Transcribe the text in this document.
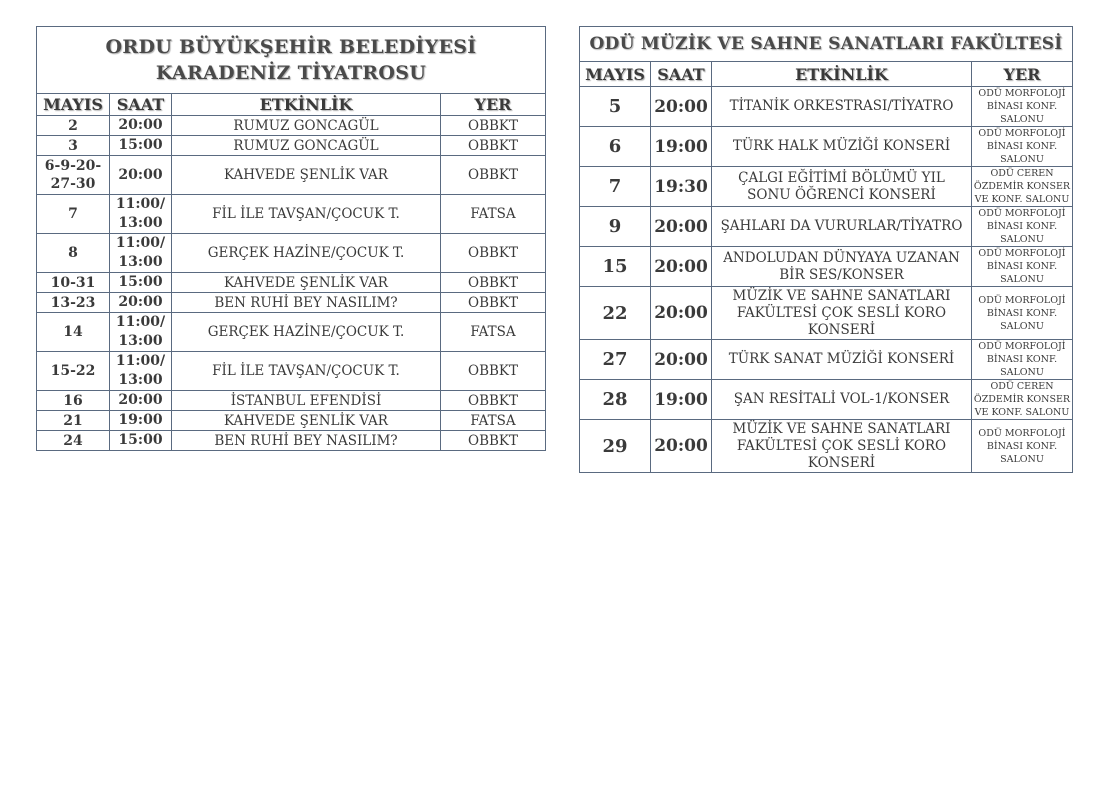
ORDU BÜYÜKŞEHİR BELEDİYESİ
KARADENİZ TİYATROSU			

MAYIS	SAAT	ETKİNLİK	YER
2	20:00	RUMUZ GONCAGÜL	OBBKT
3	15:00	RUMUZ GONCAGÜL	OBBKT
6-9-20-27-30	20:00	KAHVEDE ŞENLİK VAR	OBBKT
7	11:00/ 13:00	FİL İLE TAVŞAN/ÇOCUK T.	FATSA
8	11:00/ 13:00	GERÇEK HAZİNE/ÇOCUK T.	OBBKT
10-31	15:00	KAHVEDE ŞENLİK VAR	OBBKT
13-23	20:00	BEN RUHİ BEY NASILIM?	OBBKT
14	11:00/ 13:00	GERÇEK HAZİNE/ÇOCUK T.	FATSA
15-22	11:00/ 13:00	FİL İLE TAVŞAN/ÇOCUK T.	OBBKT
16	20:00	İSTANBUL EFENDİSİ	OBBKT
21	19:00	KAHVEDE ŞENLİK VAR	FATSA
24	15:00	BEN RUHİ BEY NASILIM?	OBBKT
ODÜ MÜZİK VE SAHNE SANATLARI FAKÜLTESİ			
MAYIS	SAAT	ETKİNLİK	YER
5	20:00	TİTANİK ORKESTRASI/TİYATRO	ODÜ MORFOLOJİ BİNASI KONF. SALONU
6	19:00	TÜRK HALK MÜZİĞİ KONSERİ	ODÜ MORFOLOJİ BİNASI KONF. SALONU
7	19:30	ÇALGI EĞİTİMİ BÖLÜMÜ YIL SONU ÖĞRENCİ KONSERİ	ODÜ CEREN ÖZDEMİR KONSER VE KONF. SALONU
9	20:00	ŞAHLARI DA VURURLAR/TİYATRO	ODÜ MORFOLOJİ BİNASI KONF. SALONU
15	20:00	ANDOLUDAN DÜNYAYA UZANAN BİR SES/KONSER	ODÜ MORFOLOJİ BİNASI KONF. SALONU
22	20:00	MÜZİK VE SAHNE SANATLARI FAKÜLTESİ ÇOK SESLİ KORO KONSERİ	ODÜ MORFOLOJİ BİNASI KONF. SALONU
27	20:00	TÜRK SANAT MÜZİĞİ KONSERİ	ODÜ MORFOLOJİ BİNASI KONF. SALONU
28	19:00	ŞAN RESİTALİ VOL-1/KONSER	ODÜ CEREN ÖZDEMİR KONSER VE KONF. SALONU
29	20:00	MÜZİK VE SAHNE SANATLARI FAKÜLTESİ ÇOK SESLİ KORO KONSERİ	ODÜ MORFOLOJİ BİNASI KONF. SALONU
